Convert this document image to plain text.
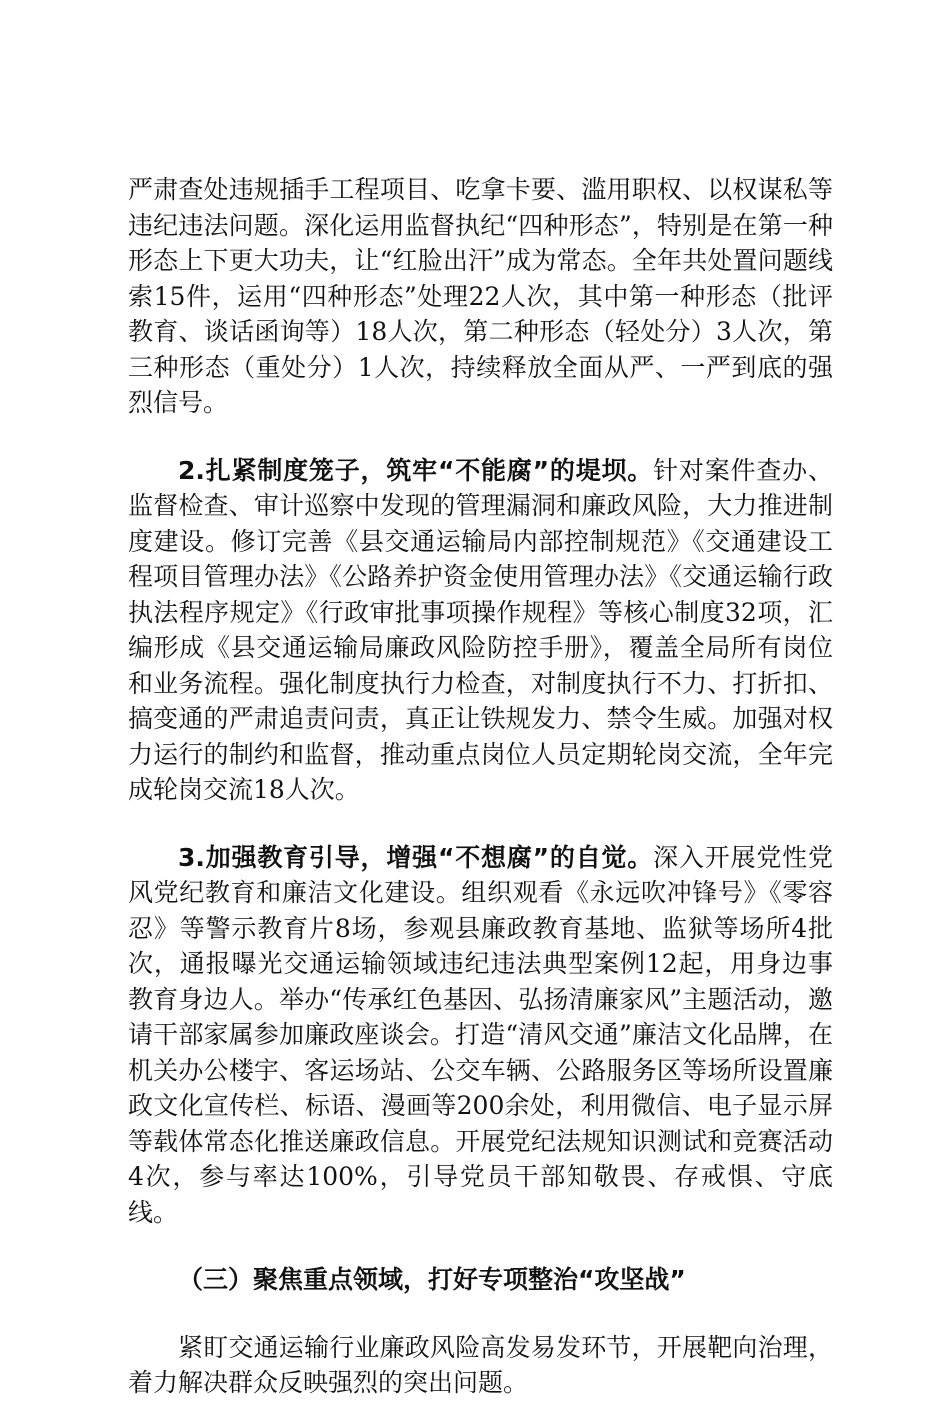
严肃查处违规插手工程项目、吃拿卡要、滥用职权、以权谋私等违纪违法问题。深化运用监督执纪“四种形态”，特别是在第一种形态上下更大功夫，让“红脸出汗”成为常态。全年共处置问题线索15件，运用“四种形态”处理22人次，其中第一种形态（批评教育、谈话函询等）18人次，第二种形态（轻处分）3人次，第三种形态（重处分）1人次，持续释放全面从严、一严到底的强烈信号。

2.扎紧制度笼子，筑牢“不能腐”的堤坝。针对案件查办、监督检查、审计巡察中发现的管理漏洞和廉政风险，大力推进制度建设。修订完善《县交通运输局内部控制规范》《交通建设工程项目管理办法》《公路养护资金使用管理办法》《交通运输行政执法程序规定》《行政审批事项操作规程》等核心制度32项，汇编形成《县交通运输局廉政风险防控手册》，覆盖全局所有岗位和业务流程。强化制度执行力检查，对制度执行不力、打折扣、搞变通的严肃追责问责，真正让铁规发力、禁令生威。加强对权力运行的制约和监督，推动重点岗位人员定期轮岗交流，全年完成轮岗交流18人次。

3.加强教育引导，增强“不想腐”的自觉。深入开展党性党风党纪教育和廉洁文化建设。组织观看《永远吹冲锋号》《零容忍》等警示教育片8场，参观县廉政教育基地、监狱等场所4批次，通报曝光交通运输领域违纪违法典型案例12起，用身边事教育身边人。举办“传承红色基因、弘扬清廉家风”主题活动，邀请干部家属参加廉政座谈会。打造“清风交通”廉洁文化品牌，在机关办公楼宇、客运场站、公交车辆、公路服务区等场所设置廉政文化宣传栏、标语、漫画等200余处，利用微信、电子显示屏等载体常态化推送廉政信息。开展党纪法规知识测试和竞赛活动4次，参与率达100%，引导党员干部知敬畏、存戒惧、守底线。

（三）聚焦重点领域，打好专项整治“攻坚战”

紧盯交通运输行业廉政风险高发易发环节，开展靶向治理，着力解决群众反映强烈的突出问题。
